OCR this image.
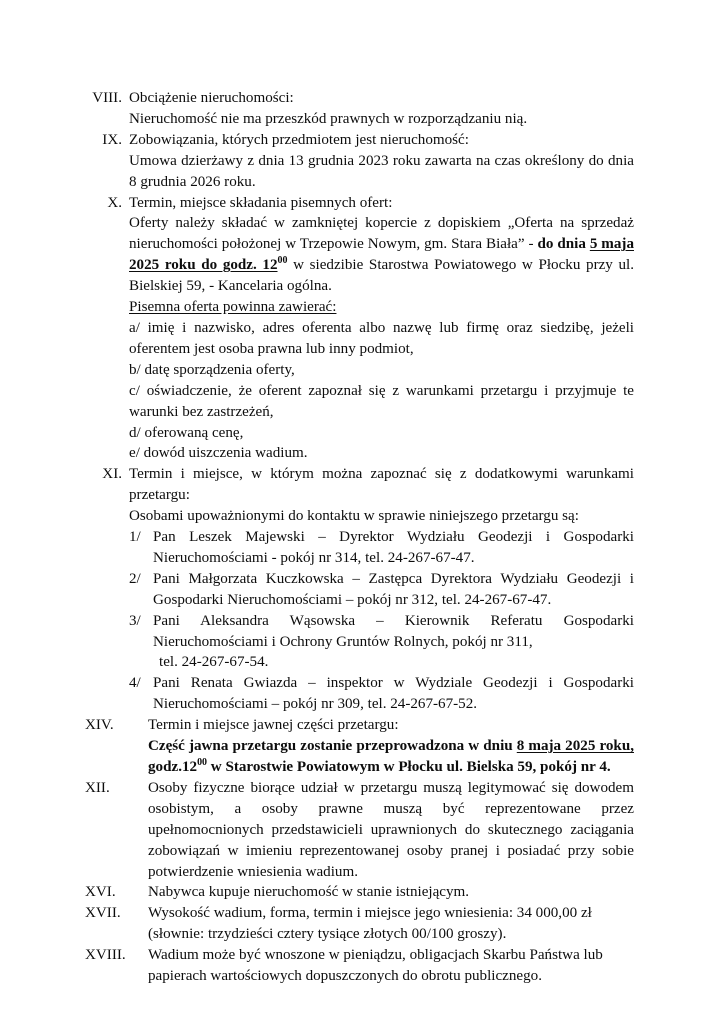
VIII. Obciążenie nieruchomości:

Nieruchomość nie ma przeszkód prawnych w rozporządzaniu nią.

IX. Zobowiązania, których przedmiotem jest nieruchomość:

Umowa dzierżawy z dnia 13 grudnia 2023 roku zawarta na czas określony do dnia 8 grudnia 2026 roku.

X. Termin, miejsce składania pisemnych ofert:

Oferty należy składać w zamkniętej kopercie z dopiskiem „Oferta na sprzedaż nieruchomości położonej w Trzepowie Nowym, gm. Stara Biała” - do dnia 5 maja 2025 roku do godz. $12^{00}$ w siedzibie Starostwa Powiatowego w Płocku przy ul. Bielskiej 59, - Kancelaria ogólna.

Pisemna oferta powinna zawierać:

a/ imię i nazwisko, adres oferenta albo nazwę lub firmę oraz siedzibę, jeżeli oferentem jest osoba prawna lub inny podmiot,
b/ datę sporządzenia oferty,
c/ oświadczenie, że oferent zapoznał się z warunkami przetargu i przyjmuje te warunki bez zastrzeżeń,
d/ oferowaną cenę,
e/ dowód uiszczenia wadium.
XI. Termin i miejsce, w którym można zapoznać się z dodatkowymi warunkami przetargu:

Osobami upoważnionymi do kontaktu w sprawie niniejszego przetargu są:

1/ Pan Leszek Majewski – Dyrektor Wydziału Geodezji i Gospodarki Nieruchomościami - pokój nr 314, tel. 24-267-67-47.
2/ Pani Małgorzata Kuczkowska – Zastępca Dyrektora Wydziału Geodezji i Gospodarki Nieruchomościami – pokój nr 312, tel. 24-267-67-47.
3/ Pani Aleksandra Wąsowska – Kierownik Referatu Gospodarki Nieruchomościami i Ochrony Gruntów Rolnych, pokój nr 311,
tel. 24-267-67-54.
4/ Pani Renata Gwiazda – inspektor w Wydziale Geodezji i Gospodarki Nieruchomościami – pokój nr 309, tel. 24-267-67-52.
XIV.	Termin i miejsce jawnej części przetargu:

Część jawna przetargu zostanie przeprowadzona w dniu 8 maja 2025 roku, $godz.12^{00}$ w Starostwie Powiatowym w Płocku ul. Bielska 59, pokój nr 4.

XII.	Osoby fizyczne biorące udział w przetargu muszą legitymować się dowodem osobistym, a osoby prawne muszą być reprezentowane przez upełnomocnionych przedstawicieli uprawnionych do skutecznego zaciągania zobowiązań w imieniu reprezentowanej osoby pranej i posiadać przy sobie potwierdzenie wniesienia wadium.

XVI.	Nabywca kupuje nieruchomość w stanie istniejącym.

XVII.	Wysokość wadium, forma, termin i miejsce jego wniesienia: 34 000,00 zł (słownie: trzydzieści cztery tysiące złotych 00/100 groszy).

XVIII.	Wadium może być wnoszone w pieniądzu, obligacjach Skarbu Państwa lub papierach wartościowych dopuszczonych do obrotu publicznego.
